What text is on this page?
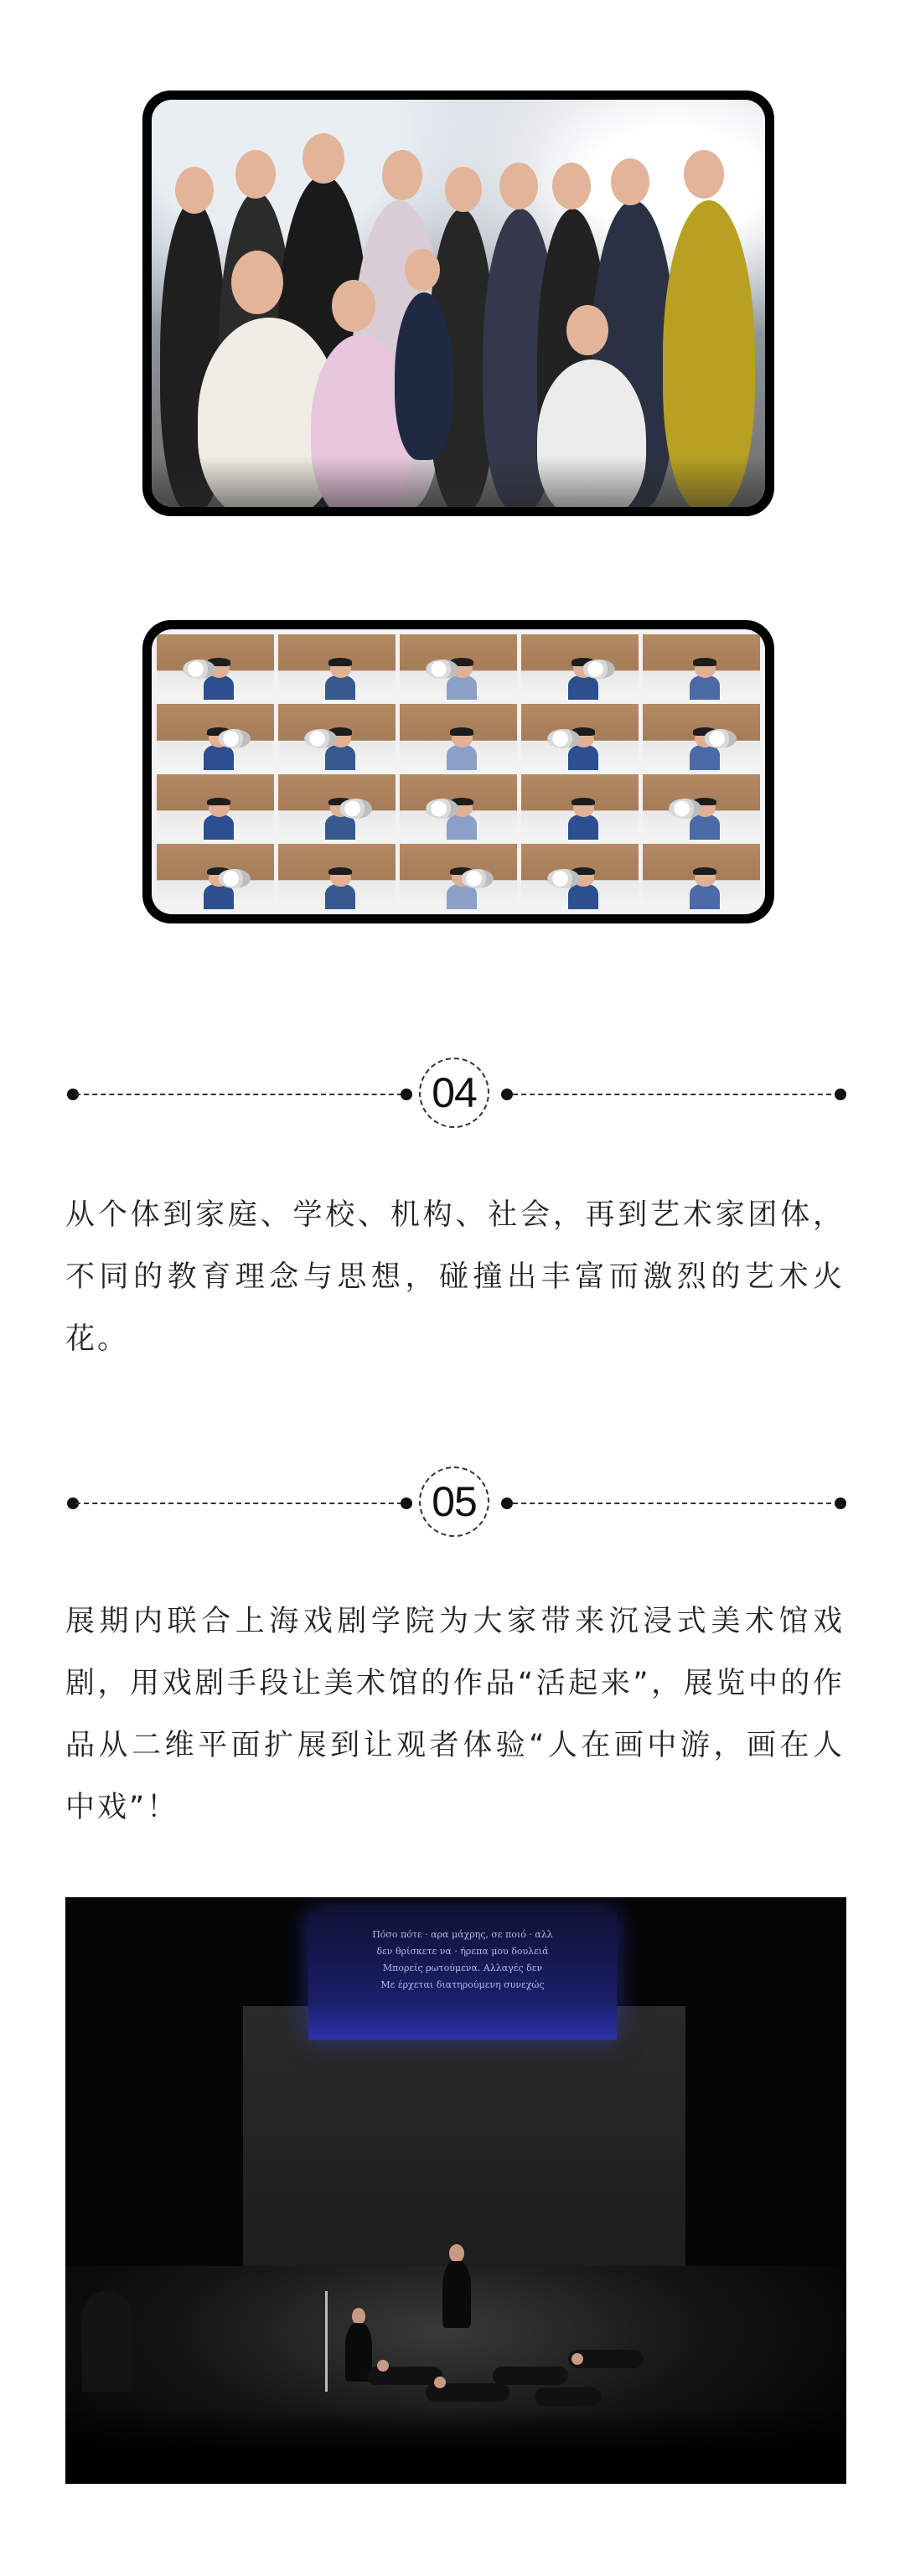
04
从个体到家庭、学校、机构、社会，再到艺术家团体，不同的教育理念与思想，碰撞出丰富而激烈的艺术火花。
05
展期内联合上海戏剧学院为大家带来沉浸式美术馆戏剧，用戏剧手段让美术馆的作品“活起来”，展览中的作品从二维平面扩展到让观者体验“人在画中游，画在人中戏”！
Πόσο πότε · αρα μάχρης, σε ποιό · αλλ
δεν θρίσκετε να · ήρεπα μου δουλειά
Μπορείς ρωτούμενα. Αλλαγές δεν
Με έρχεται διατηρούμενη συνεχώς
